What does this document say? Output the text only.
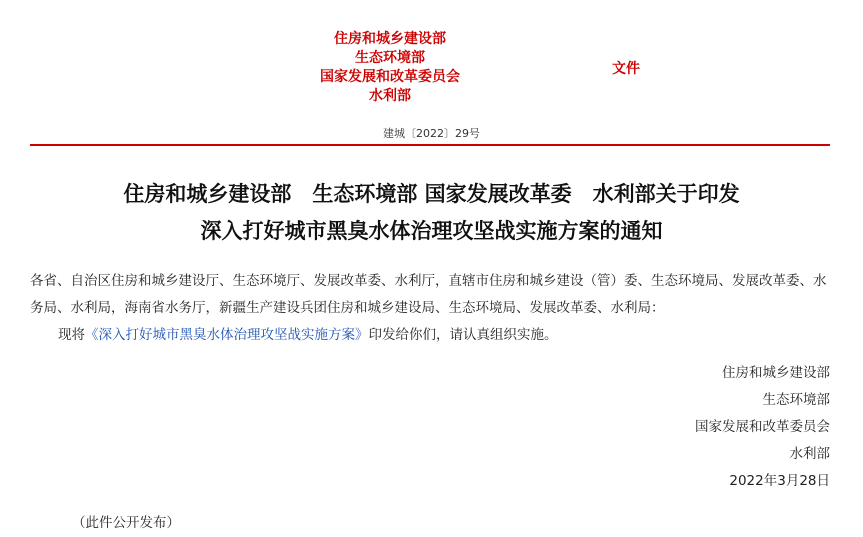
住房和城乡建设部
生态环境部
国家发展和改革委员会
水利部
文件
建城〔2022〕29号
住房和城乡建设部　生态环境部 国家发展改革委　水利部关于印发
深入打好城市黑臭水体治理攻坚战实施方案的通知

各省、自治区住房和城乡建设厅、生态环境厅、发展改革委、水利厅，直辖市住房和城乡建设（管）委、生态环境局、发展改革委、水务局、水利局，海南省水务厅，新疆生产建设兵团住房和城乡建设局、生态环境局、发展改革委、水利局：

现将《深入打好城市黑臭水体治理攻坚战实施方案》印发给你们，请认真组织实施。

住房和城乡建设部
生态环境部
国家发展和改革委员会
水利部
2022年3月28日
（此件公开发布）
